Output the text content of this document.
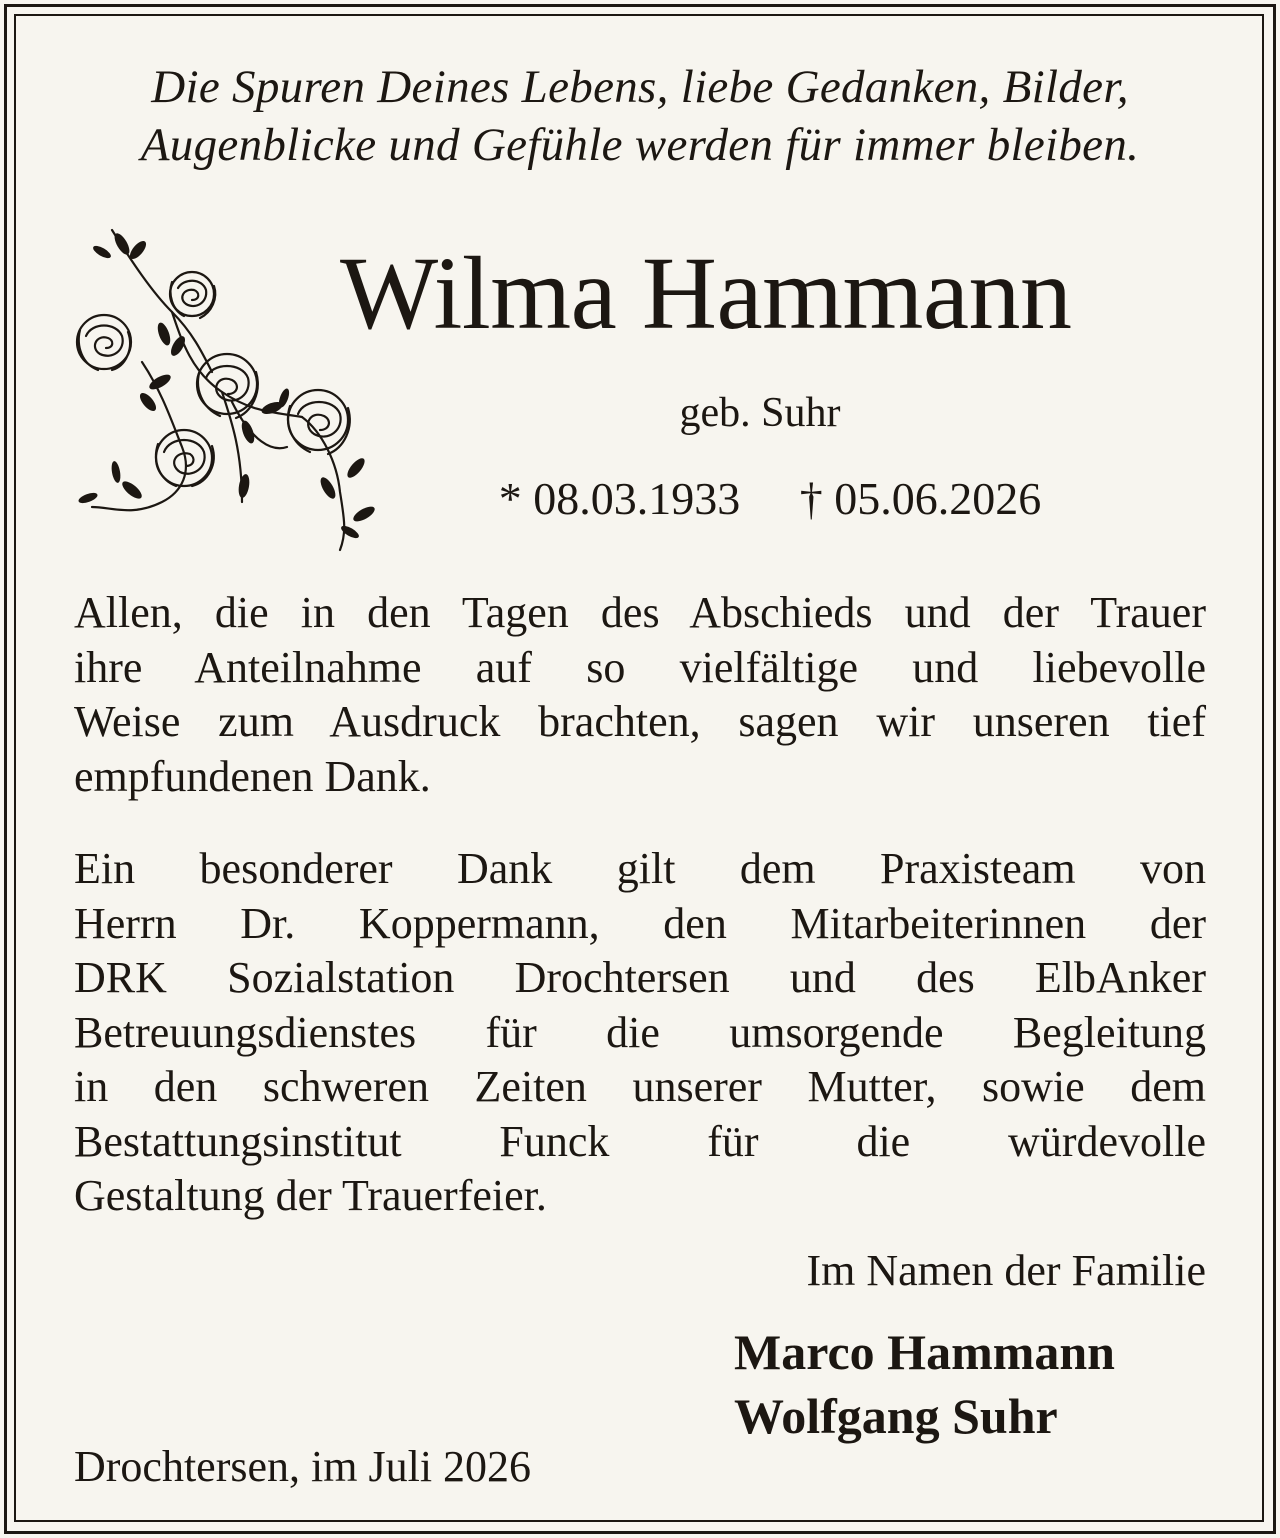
Die Spuren Deines Lebens, liebe Gedanken, Bilder,
Augenblicke und Gefühle werden für immer bleiben.
Wilma Hammann
geb. Suhr
* 08.03.1933 † 05.06.2026
Allen, die in den Tagen des Abschieds und der Trauer
ihre Anteilnahme auf so vielfältige und liebevolle
Weise zum Ausdruck brachten, sagen wir unseren tief
empfundenen Dank.
Ein besonderer Dank gilt dem Praxisteam von
Herrn Dr. Koppermann, den Mitarbeiterinnen der
DRK Sozialstation Drochtersen und des ElbAnker
Betreuungsdienstes für die umsorgende Begleitung
in den schweren Zeiten unserer Mutter, sowie dem
Bestattungsinstitut Funck für die würdevolle
Gestaltung der Trauerfeier.
Im Namen der Familie
Marco Hammann
Wolfgang Suhr
Drochtersen, im Juli 2026
